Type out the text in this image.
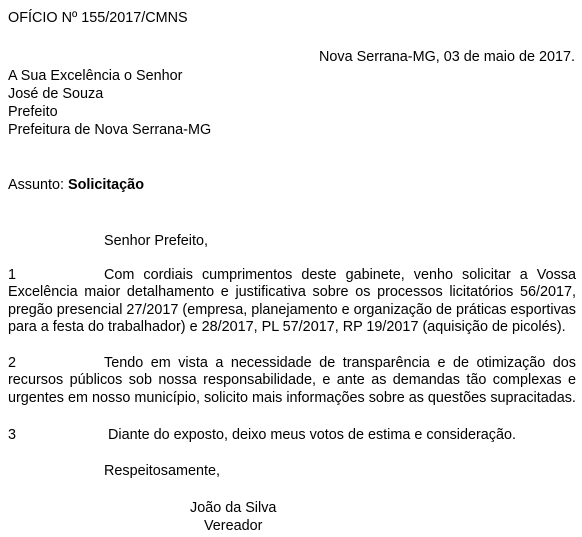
OFÍCIO Nº 155/2017/CMNS
Nova Serrana-MG, 03 de maio de 2017.
A Sua Excelência o Senhor
José de Souza
Prefeito
Prefeitura de Nova Serrana-MG
Assunto: Solicitação
Senhor Prefeito,
1	Com cordiais cumprimentos deste gabinete, venho solicitar a Vossa Excelência maior detalhamento e justificativa sobre os processos licitatórios 56/2017, pregão presencial 27/2017 (empresa, planejamento e organização de práticas esportivas para a festa do trabalhador) e 28/2017, PL 57/2017, RP 19/2017 (aquisição de picolés).

2	Tendo em vista a necessidade de transparência e de otimização dos recursos públicos sob nossa responsabilidade, e ante as demandas tão complexas e urgentes em nosso município, solicito mais informações sobre as questões supracitadas.

3	Diante do exposto, deixo meus votos de estima e consideração.
Respeitosamente,
João da Silva
Vereador
